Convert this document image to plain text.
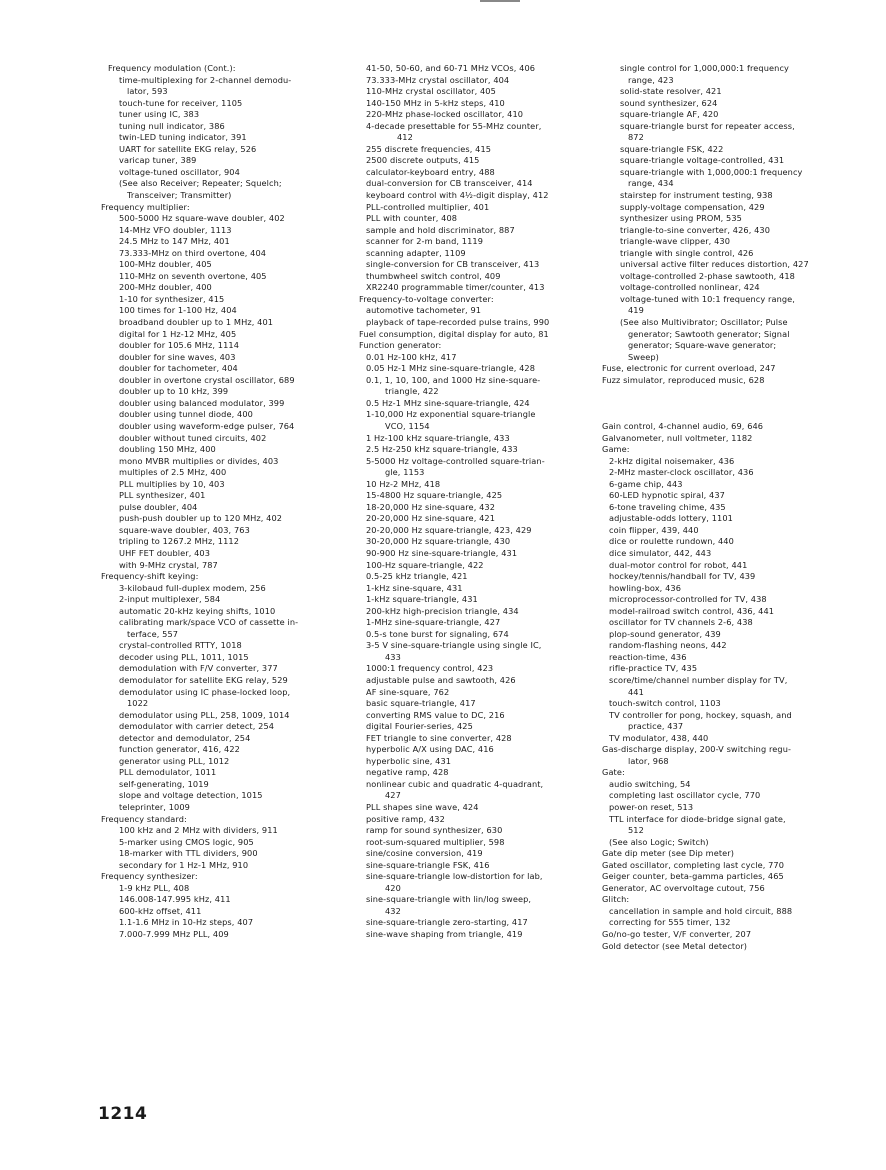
Frequency modulation (Cont.):
time-multiplexing for 2-channel demodu-
lator, 593
touch-tune for receiver, 1105
tuner using IC, 383
tuning null indicator, 386
twin-LED tuning indicator, 391
UART for satellite EKG relay, 526
varicap tuner, 389
voltage-tuned oscillator, 904
(See also Receiver; Repeater; Squelch;
Transceiver; Transmitter)
Frequency multiplier:
500-5000 Hz square-wave doubler, 402
14-MHz VFO doubler, 1113
24.5 MHz to 147 MHz, 401
73.333-MHz on third overtone, 404
100-MHz doubler, 405
110-MHz on seventh overtone, 405
200-MHz doubler, 400
1-10 for synthesizer, 415
100 times for 1-100 Hz, 404
broadband doubler up to 1 MHz, 401
digital for 1 Hz-12 MHz, 405
doubler for 105.6 MHz, 1114
doubler for sine waves, 403
doubler for tachometer, 404
doubler in overtone crystal oscillator, 689
doubler up to 10 kHz, 399
doubler using balanced modulator, 399
doubler using tunnel diode, 400
doubler using waveform-edge pulser, 764
doubler without tuned circuits, 402
doubling 150 MHz, 400
mono MVBR multiplies or divides, 403
multiples of 2.5 MHz, 400
PLL multiplies by 10, 403
PLL synthesizer, 401
pulse doubler, 404
push-push doubler up to 120 MHz, 402
square-wave doubler, 403, 763
tripling to 1267.2 MHz, 1112
UHF FET doubler, 403
with 9-MHz crystal, 787
Frequency-shift keying:
3-kilobaud full-duplex modem, 256
2-input multiplexer, 584
automatic 20-kHz keying shifts, 1010
calibrating mark/space VCO of cassette in-
terface, 557
crystal-controlled RTTY, 1018
decoder using PLL, 1011, 1015
demodulation with F/V converter, 377
demodulator for satellite EKG relay, 529
demodulator using IC phase-locked loop,
1022
demodulator using PLL, 258, 1009, 1014
demodulator with carrier detect, 254
detector and demodulator, 254
function generator, 416, 422
generator using PLL, 1012
PLL demodulator, 1011
self-generating, 1019
slope and voltage detection, 1015
teleprinter, 1009
Frequency standard:
100 kHz and 2 MHz with dividers, 911
5-marker using CMOS logic, 905
18-marker with TTL dividers, 900
secondary for 1 Hz-1 MHz, 910
Frequency synthesizer:
1-9 kHz PLL, 408
146.008-147.995 kHz, 411
600-kHz offset, 411
1.1-1.6 MHz in 10-Hz steps, 407
7.000-7.999 MHz PLL, 409
41-50, 50-60, and 60-71 MHz VCOs, 406
73.333-MHz crystal oscillator, 404
110-MHz crystal oscillator, 405
140-150 MHz in 5-kHz steps, 410
220-MHz phase-locked oscillator, 410
4-decade presettable for 55-MHz counter,
412
255 discrete frequencies, 415
2500 discrete outputs, 415
calculator-keyboard entry, 488
dual-conversion for CB transceiver, 414
keyboard control with 4½-digit display, 412
PLL-controlled multiplier, 401
PLL with counter, 408
sample and hold discriminator, 887
scanner for 2-m band, 1119
scanning adapter, 1109
single-conversion for CB transceiver, 413
thumbwheel switch control, 409
XR2240 programmable timer/counter, 413
Frequency-to-voltage converter:
automotive tachometer, 91
playback of tape-recorded pulse trains, 990
Fuel consumption, digital display for auto, 81
Function generator:
0.01 Hz-100 kHz, 417
0.05 Hz-1 MHz sine-square-triangle, 428
0.1, 1, 10, 100, and 1000 Hz sine-square-
triangle, 422
0.5 Hz-1 MHz sine-square-triangle, 424
1-10,000 Hz exponential square-triangle
VCO, 1154
1 Hz-100 kHz square-triangle, 433
2.5 Hz-250 kHz square-triangle, 433
5-5000 Hz voltage-controlled square-trian-
gle, 1153
10 Hz-2 MHz, 418
15-4800 Hz square-triangle, 425
18-20,000 Hz sine-square, 432
20-20,000 Hz sine-square, 421
20-20,000 Hz square-triangle, 423, 429
30-20,000 Hz square-triangle, 430
90-900 Hz sine-square-triangle, 431
100-Hz square-triangle, 422
0.5-25 kHz triangle, 421
1-kHz sine-square, 431
1-kHz square-triangle, 431
200-kHz high-precision triangle, 434
1-MHz sine-square-triangle, 427
0.5-s tone burst for signaling, 674
3-5 V sine-square-triangle using single IC,
433
1000:1 frequency control, 423
adjustable pulse and sawtooth, 426
AF sine-square, 762
basic square-triangle, 417
converting RMS value to DC, 216
digital Fourier-series, 425
FET triangle to sine converter, 428
hyperbolic A/X using DAC, 416
hyperbolic sine, 431
negative ramp, 428
nonlinear cubic and quadratic 4-quadrant,
427
PLL shapes sine wave, 424
positive ramp, 432
ramp for sound synthesizer, 630
root-sum-squared multiplier, 598
sine/cosine conversion, 419
sine-square-triangle FSK, 416
sine-square-triangle low-distortion for lab,
420
sine-square-triangle with lin/log sweep,
432
sine-square-triangle zero-starting, 417
sine-wave shaping from triangle, 419
single control for 1,000,000:1 frequency
range, 423
solid-state resolver, 421
sound synthesizer, 624
square-triangle AF, 420
square-triangle burst for repeater access,
872
square-triangle FSK, 422
square-triangle voltage-controlled, 431
square-triangle with 1,000,000:1 frequency
range, 434
stairstep for instrument testing, 938
supply-voltage compensation, 429
synthesizer using PROM, 535
triangle-to-sine converter, 426, 430
triangle-wave clipper, 430
triangle with single control, 426
universal active filter reduces distortion, 427
voltage-controlled 2-phase sawtooth, 418
voltage-controlled nonlinear, 424
voltage-tuned with 10:1 frequency range,
419
(See also Multivibrator; Oscillator; Pulse
generator; Sawtooth generator; Signal
generator; Square-wave generator;
Sweep)
Fuse, electronic for current overload, 247
Fuzz simulator, reproduced music, 628
Gain control, 4-channel audio, 69, 646
Galvanometer, null voltmeter, 1182
Game:
2-kHz digital noisemaker, 436
2-MHz master-clock oscillator, 436
6-game chip, 443
60-LED hypnotic spiral, 437
6-tone traveling chime, 435
adjustable-odds lottery, 1101
coin flipper, 439, 440
dice or roulette rundown, 440
dice simulator, 442, 443
dual-motor control for robot, 441
hockey/tennis/handball for TV, 439
howling-box, 436
microprocessor-controlled for TV, 438
model-railroad switch control, 436, 441
oscillator for TV channels 2-6, 438
plop-sound generator, 439
random-flashing neons, 442
reaction-time, 436
rifle-practice TV, 435
score/time/channel number display for TV,
441
touch-switch control, 1103
TV controller for pong, hockey, squash, and
practice, 437
TV modulator, 438, 440
Gas-discharge display, 200-V switching regu-
lator, 968
Gate:
audio switching, 54
completing last oscillator cycle, 770
power-on reset, 513
TTL interface for diode-bridge signal gate,
512
(See also Logic; Switch)
Gate dip meter (see Dip meter)
Gated oscillator, completing last cycle, 770
Geiger counter, beta-gamma particles, 465
Generator, AC overvoltage cutout, 756
Glitch:
cancellation in sample and hold circuit, 888
correcting for 555 timer, 132
Go/no-go tester, V/F converter, 207
Gold detector (see Metal detector)
1214
